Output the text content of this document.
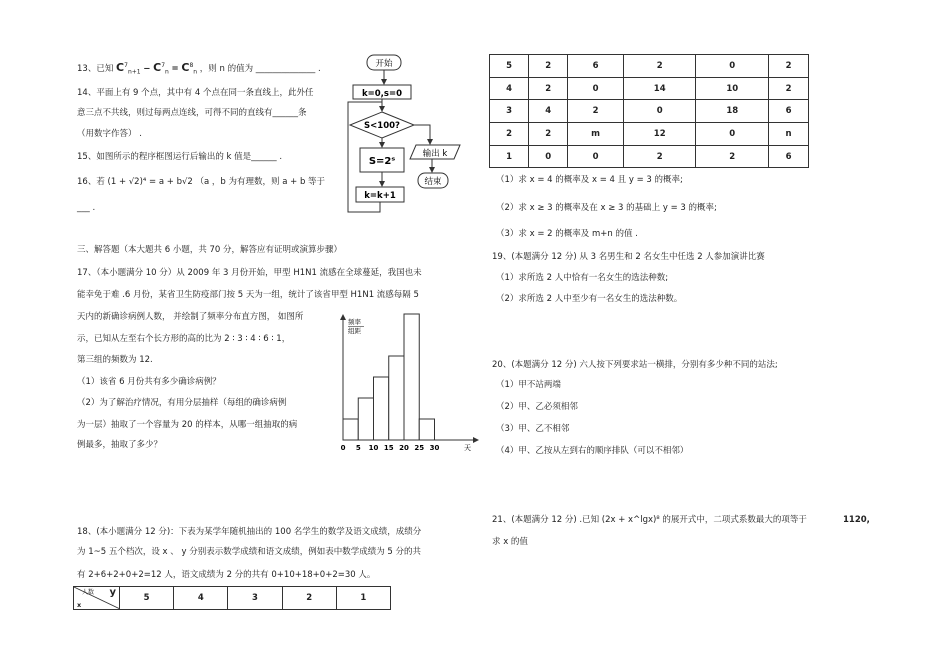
13、已知 $C^7_{n+1} - C^7_n = C^8_n$ ，则 n 的值为 ______________ .
14、平面上有 9 个点，其中有 4 个点在同一条直线上，此外任
意三点不共线，则过每两点连线，可得不同的直线有______条
（用数字作答） .
15、如图所示的程序框图运行后输出的 k 值是______ .
16、若 (1 + √2)⁴ = a + b√2 （a ，b 为有理数，则 a + b 等于
___ .
开始
k=0,s=0
S<100?
S=2ˢ
k=k+1
输出 k
结束
三、解答题（本大题共 6 小题，共 70 分，解答应有证明或演算步骤）
17、（本小题满分 10 分）从 2009 年 3 月份开始，甲型 H1N1 流感在全球蔓延，我国也未
能幸免于难 .6 月份，某省卫生防疫部门按 5 天为一组，统计了该省甲型 H1N1 流感每隔 5
天内的新确诊病例人数， 并绘制了频率分布直方图， 如图所
示，已知从左至右个长方形的高的比为 2 ∶ 3 ∶ 4 ∶ 6 ∶ 1，
第三组的频数为 12.
（1）该省 6 月份共有多少确诊病例？
（2）为了解治疗情况，有用分层抽样（每组的确诊病例
为一层）抽取了一个容量为 20 的样本，从哪一组抽取的病
例最多，抽取了多少？	0 5 10 15 20 25 30	天
频率
组距
18、(本小题满分 12 分)：下表为某学年随机抽出的 100 名学生的数学及语文成绩，成绩分
为 1~5 五个档次，设 x 、 y 分别表示数学成绩和语文成绩，例如表中数学成绩为 5 分的共
有 2+6+2+0+2=12 人，语文成绩为 2 分的共有 0+10+18+0+2=30 人。
人数 y
x
	5	4	3	2	1
5	2	6	2	0	2
4	2	0	14	10	2
3	4	2	0	18	6
2	2	m	12	0	n
1	0	0	2	2	6
（1）求 x = 4 的概率及 x = 4 且 y = 3 的概率;
（2）求 x ≥ 3 的概率及在 x ≥ 3 的基础上 y = 3 的概率;
（3）求 x = 2 的概率及 m+n 的值 .
19、(本题满分 12 分) 从 3 名男生和 2 名女生中任选 2 人参加演讲比赛
（1）求所选 2 人中恰有一名女生的选法种数;
（2）求所选 2 人中至少有一名女生的选法种数。
20、(本题满分 12 分) 六人按下列要求站一横排，分别有多少种不同的站法;
（1）甲不站两端
（2）甲、乙必须相邻
（3）甲、乙不相邻
（4）甲、乙按从左到右的顺序排队（可以不相邻）
21、(本题满分 12 分) .已知 (2x + x^lgx)⁸ 的展开式中，二项式系数最大的项等于	1120,
求 x 的值
